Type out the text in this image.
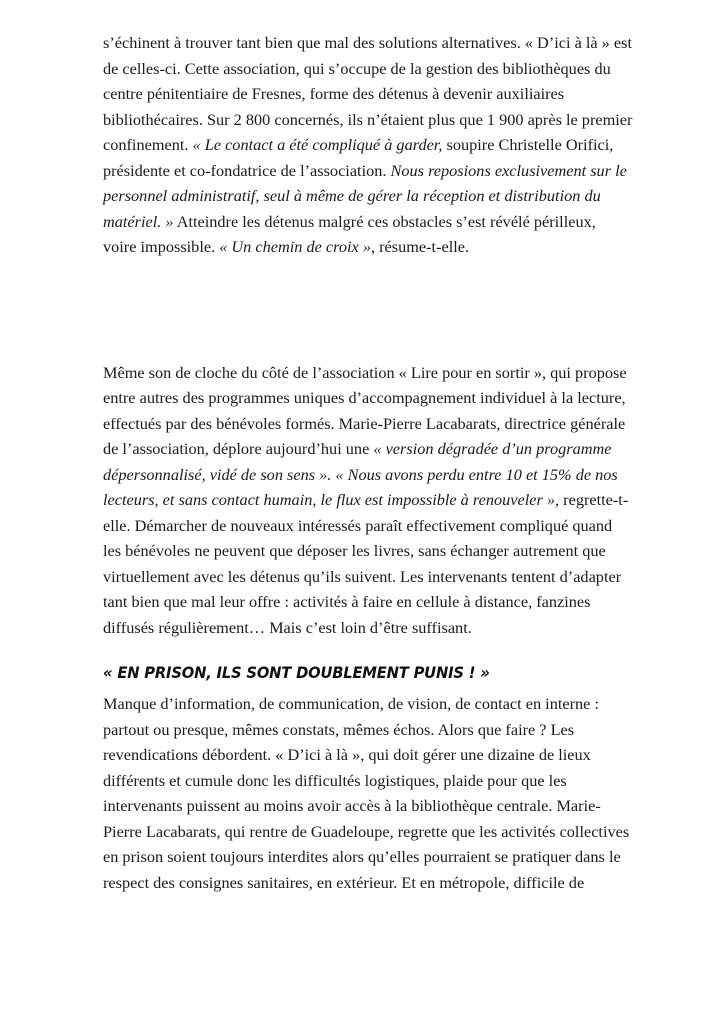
s’échinent à trouver tant bien que mal des solutions alternatives. « D’ici à là » est de celles-ci. Cette association, qui s’occupe de la gestion des bibliothèques du centre pénitentiaire de Fresnes, forme des détenus à devenir auxiliaires bibliothécaires. Sur 2 800 concernés, ils n’étaient plus que 1 900 après le premier confinement. « Le contact a été compliqué à garder, soupire Christelle Orifici, présidente et co-fondatrice de l’association. Nous reposions exclusivement sur le personnel administratif, seul à même de gérer la réception et distribution du matériel. » Atteindre les détenus malgré ces obstacles s’est révélé périlleux, voire impossible. « Un chemin de croix », résume-t-elle.

Même son de cloche du côté de l’association « Lire pour en sortir », qui propose entre autres des programmes uniques d’accompagnement individuel à la lecture, effectués par des bénévoles formés. Marie-Pierre Lacabarats, directrice générale de l’association, déplore aujourd’hui une « version dégradée d’un programme dépersonnalisé, vidé de son sens ». « Nous avons perdu entre 10 et 15% de nos lecteurs, et sans contact humain, le flux est impossible à renouveler », regrette-t-elle. Démarcher de nouveaux intéressés paraît effectivement compliqué quand les bénévoles ne peuvent que déposer les livres, sans échanger autrement que virtuellement avec les détenus qu’ils suivent. Les intervenants tentent d’adapter tant bien que mal leur offre : activités à faire en cellule à distance, fanzines diffusés régulièrement… Mais c’est loin d’être suffisant.

« EN PRISON, ILS SONT DOUBLEMENT PUNIS ! »

Manque d’information, de communication, de vision, de contact en interne : partout ou presque, mêmes constats, mêmes échos. Alors que faire ? Les revendications débordent. « D’ici à là », qui doit gérer une dizaine de lieux différents et cumule donc les difficultés logistiques, plaide pour que les intervenants puissent au moins avoir accès à la bibliothèque centrale. Marie-Pierre Lacabarats, qui rentre de Guadeloupe, regrette que les activités collectives en prison soient toujours interdites alors qu’elles pourraient se pratiquer dans le respect des consignes sanitaires, en extérieur. Et en métropole, difficile de
